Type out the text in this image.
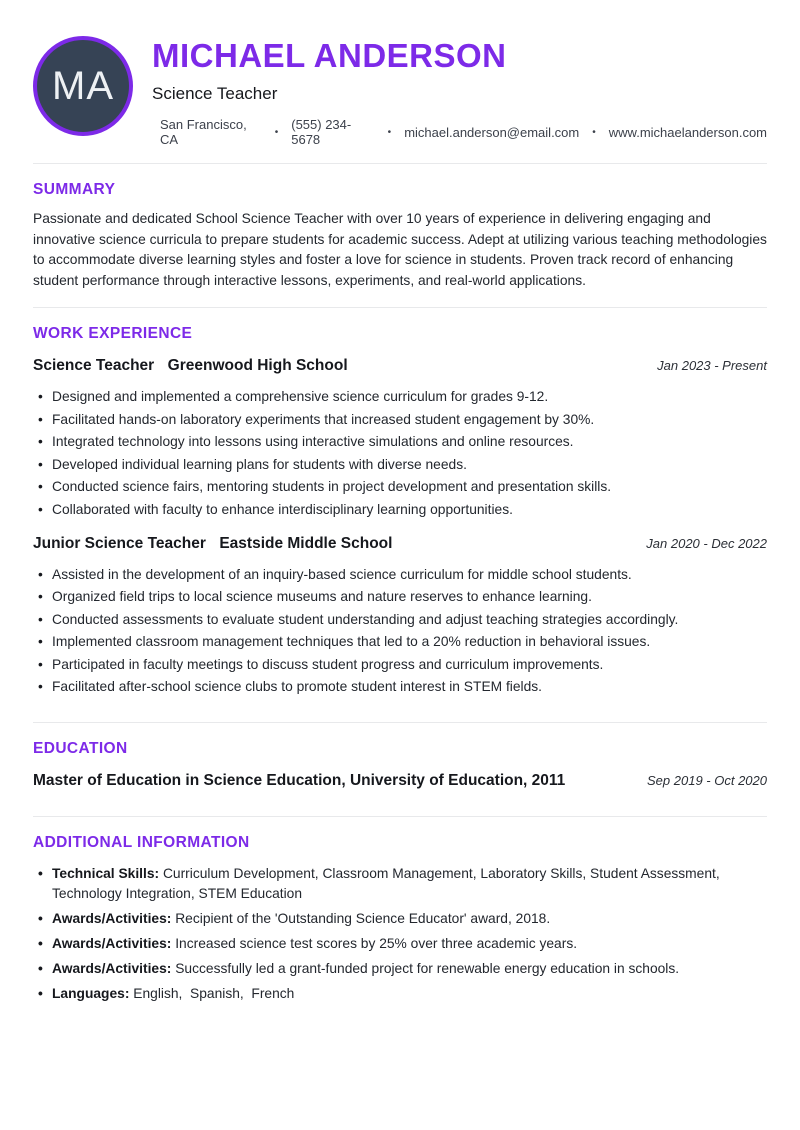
MA
MICHAEL ANDERSON
Science Teacher
San Francisco, CA	• (555) 234-5678	• michael.anderson@email.com • www.michaelanderson.com
SUMMARY

Passionate and dedicated School Science Teacher with over 10 years of experience in delivering engaging and innovative science curricula to prepare students for academic success. Adept at utilizing various teaching methodologies to accommodate diverse learning styles and foster a love for science in students. Proven track record of enhancing student performance through interactive lessons, experiments, and real-world applications.

WORK EXPERIENCE
Science Teacher Greenwood High School	Jan 2023 - Present
• Designed and implemented a comprehensive science curriculum for grades 9-12.
• Facilitated hands-on laboratory experiments that increased student engagement by 30%.
• Integrated technology into lessons using interactive simulations and online resources.
• Developed individual learning plans for students with diverse needs.
• Conducted science fairs, mentoring students in project development and presentation skills.
• Collaborated with faculty to enhance interdisciplinary learning opportunities.
Junior Science Teacher Eastside Middle School	Jan 2020 - Dec 2022
• Assisted in the development of an inquiry-based science curriculum for middle school students.
• Organized field trips to local science museums and nature reserves to enhance learning.
• Conducted assessments to evaluate student understanding and adjust teaching strategies accordingly.
• Implemented classroom management techniques that led to a 20% reduction in behavioral issues.
• Participated in faculty meetings to discuss student progress and curriculum improvements.
• Facilitated after-school science clubs to promote student interest in STEM fields.
EDUCATION
Master of Education in Science Education, University of Education, 2011	Sep 2019 - Oct 2020
ADDITIONAL INFORMATION
• Technical Skills: Curriculum Development, Classroom Management, Laboratory Skills, Student Assessment, Technology Integration, STEM Education
• Awards/Activities: Recipient of the 'Outstanding Science Educator' award, 2018.
• Awards/Activities: Increased science test scores by 25% over three academic years.
• Awards/Activities: Successfully led a grant-funded project for renewable energy education in schools.
• Languages: English,  Spanish,  French
